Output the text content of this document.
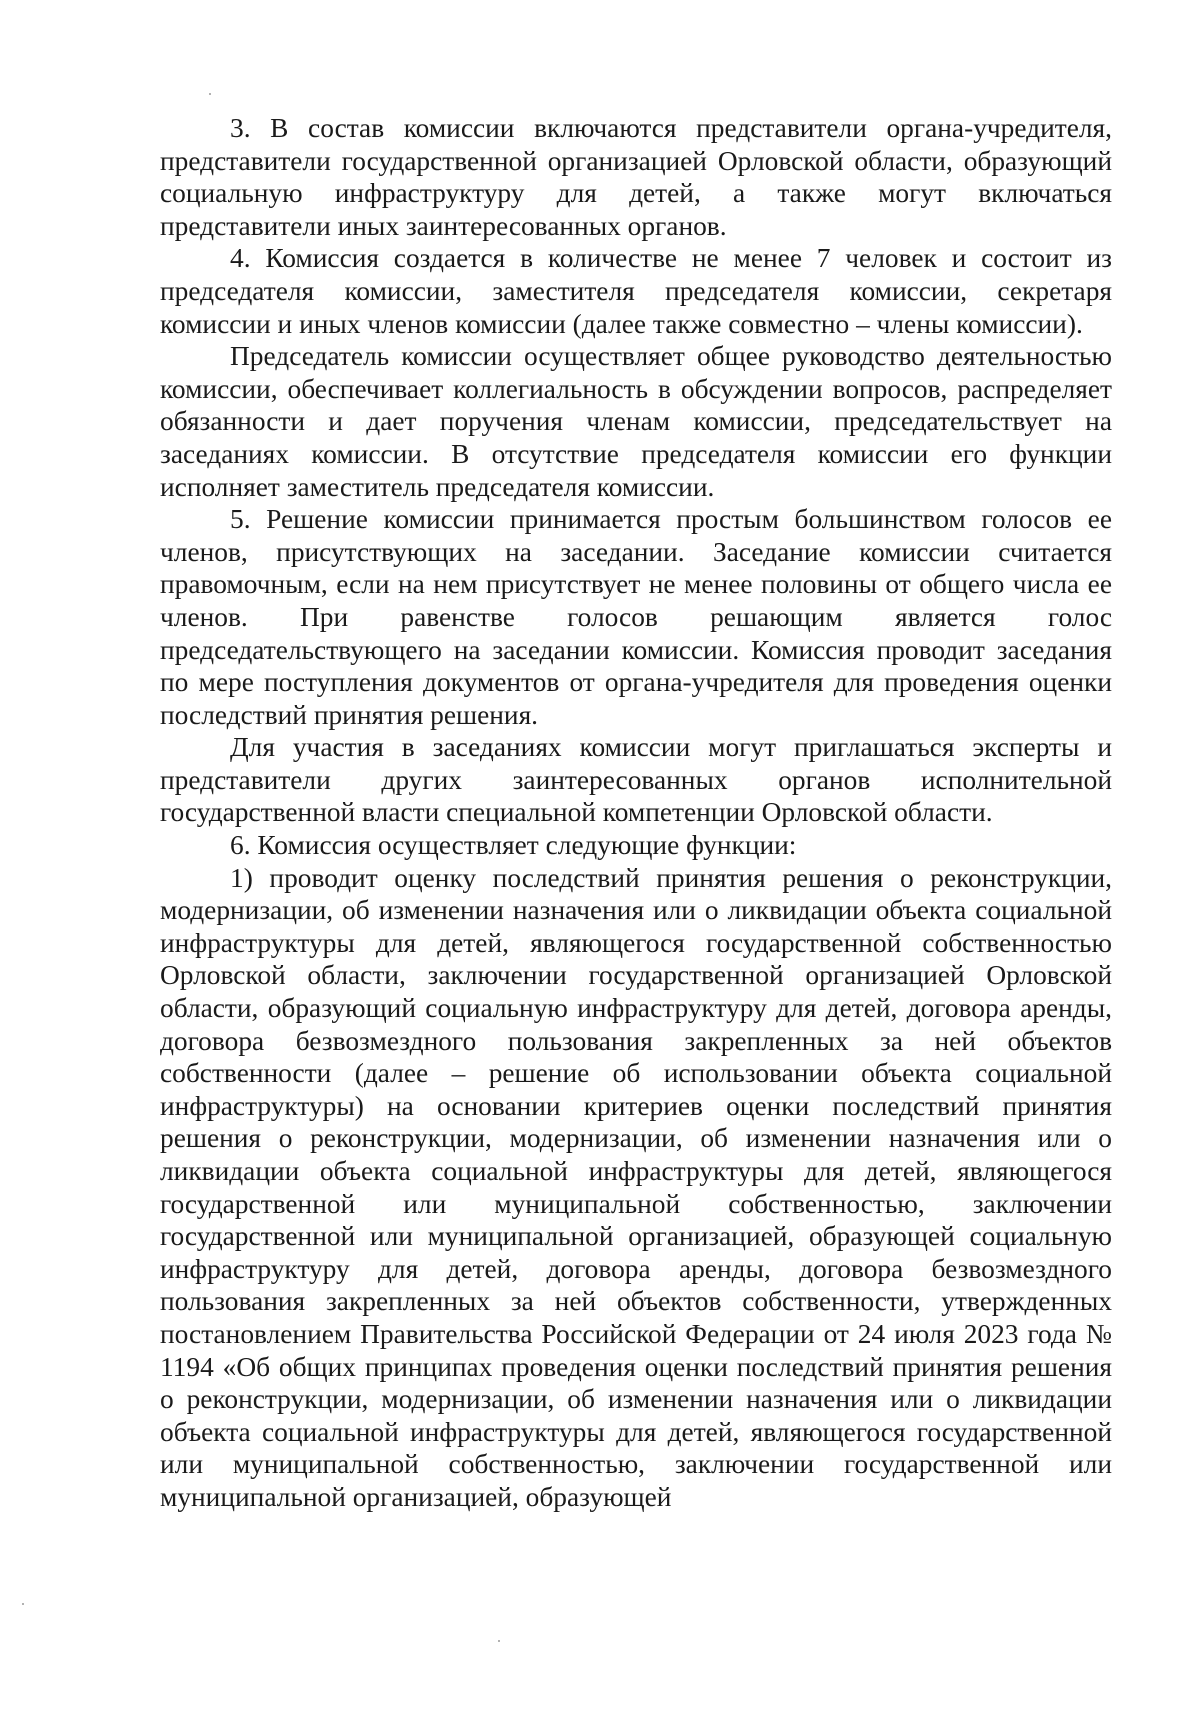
3. В состав комиссии включаются представители органа-учредителя, представители государственной организацией Орловской области, образующий социальную инфраструктуру для детей, а также могут включаться представители иных заинтересованных органов.

4. Комиссия создается в количестве не менее 7 человек и состоит из председателя комиссии, заместителя председателя комиссии, секретаря комиссии и иных членов комиссии (далее также совместно – члены комиссии).

Председатель комиссии осуществляет общее руководство деятельностью комиссии, обеспечивает коллегиальность в обсуждении вопросов, распределяет обязанности и дает поручения членам комиссии, председательствует на заседаниях комиссии. В отсутствие председателя комиссии его функции исполняет заместитель председателя комиссии.

5. Решение комиссии принимается простым большинством голосов ее членов, присутствующих на заседании. Заседание комиссии считается правомочным, если на нем присутствует не менее половины от общего числа ее членов. При равенстве голосов решающим является голос председательствующего на заседании комиссии. Комиссия проводит заседания по мере поступления документов от органа-учредителя для проведения оценки последствий принятия решения.

Для участия в заседаниях комиссии могут приглашаться эксперты и представители других заинтересованных органов исполнительной государственной власти специальной компетенции Орловской области.

6. Комиссия осуществляет следующие функции:

1) проводит оценку последствий принятия решения о реконструкции, модернизации, об изменении назначения или о ликвидации объекта социальной инфраструктуры для детей, являющегося государственной собственностью Орловской области, заключении государственной организацией Орловской области, образующий социальную инфраструктуру для детей, договора аренды, договора безвозмездного пользования закрепленных за ней объектов собственности (далее – решение об использовании объекта социальной инфраструктуры) на основании критериев оценки последствий принятия решения о реконструкции, модернизации, об изменении назначения или о ликвидации объекта социальной инфраструктуры для детей, являющегося государственной или муниципальной собственностью, заключении государственной или муниципальной организацией, образующей социальную инфраструктуру для детей, договора аренды, договора безвозмездного пользования закрепленных за ней объектов собственности, утвержденных постановлением Правительства Российской Федерации от 24 июля 2023 года № 1194 «Об общих принципах проведения оценки последствий принятия решения о реконструкции, модернизации, об изменении назначения или о ликвидации объекта социальной инфраструктуры для детей, являющегося государственной или муниципальной собственностью, заключении государственной или муниципальной организацией, образующей
